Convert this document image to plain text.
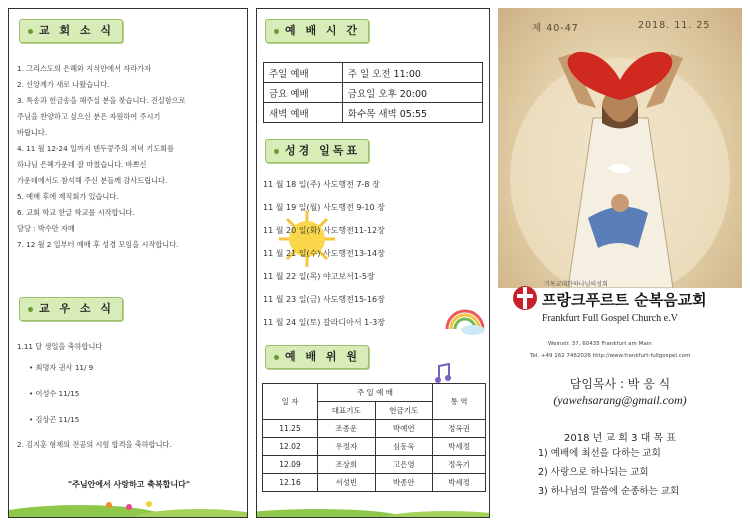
교 회 소 식
1. 그리스도의 은혜와 지식안에서 자라가자
2. 신앙계가 새로 나왔습니다.
3. 특송과 헌금송을 해주실 분을 찾습니다. 진실함으로
주님을 찬양하고 싶으신 분은 자원하여 주시기
바랍니다.
4. 11 월 12-24 일까지 덴두쿵주의 저녁 기도회를
하나님 은혜가운데 잘 마쳤습니다. 바쁘신
가운데에서도 참석해 주신 분들께 감사드립니다.
5. 예배 후에 제직회가 있습니다.
6. 교회 학교 한글 학교를 시작합니다.
담당 : 박수안 자매
7. 12 월 2 일부터 예배 후 성경 모임을 시작합니다.
교 우 소 식
1.11 달 생일을 축하합니다
• 최명자 권사 11/ 9
• 이성수 11/15
• 김상곤 11/15
2. 김지훈 형제의 전공의 시험 합격을 축하합니다.
"주님안에서 사랑하고 축복합니다"
예 배 시 간
주일 예배	주 일 오전 11:00
금요 예배	금요일 오후 20:00
새벽 예배	화수목 새벽 05:55
성경 일독표
11 월 18 일(주) 사도행전 7-8 장
11 월 19 일(월) 사도행전 9-10 장
11 월 20 일(화) 사도행전11-12장
11 월 21 일(수) 사도행전13-14장
11 월 22 일(목) 야고보서1-5장
11 월 23 일(금) 사도행전15-16장
11 월 24 일(토) 갈라디아서 1-3장
예 배 위 원
일 자	주 일 예 배		통 역
	대표기도	헌금기도	
11.25	조종운	박예연	정옥권
12.02	우정자	심동욱	박세정
12.09	조상희	고은영	정옥기
12.16	서성빈	박종안	박세정
제 40-47	2018. 11. 25
기독교대한하나님의성회
프랑크푸르트 순복음교회
Frankfurt Full Gospel Church e.V
Weinstr. 37, 60435 Frankfurt am Main
Tel. +49 162 7462026 http://www.frankfurt-fullgospel.com
담임목사 : 박 응 식
(yawehsarang@gmail.com)
2018 년 교 회 3 대 목 표
1) 예배에 최선을 다하는 교회
2) 사랑으로 하나되는 교회
3) 하나님의 말씀에 순종하는 교회
